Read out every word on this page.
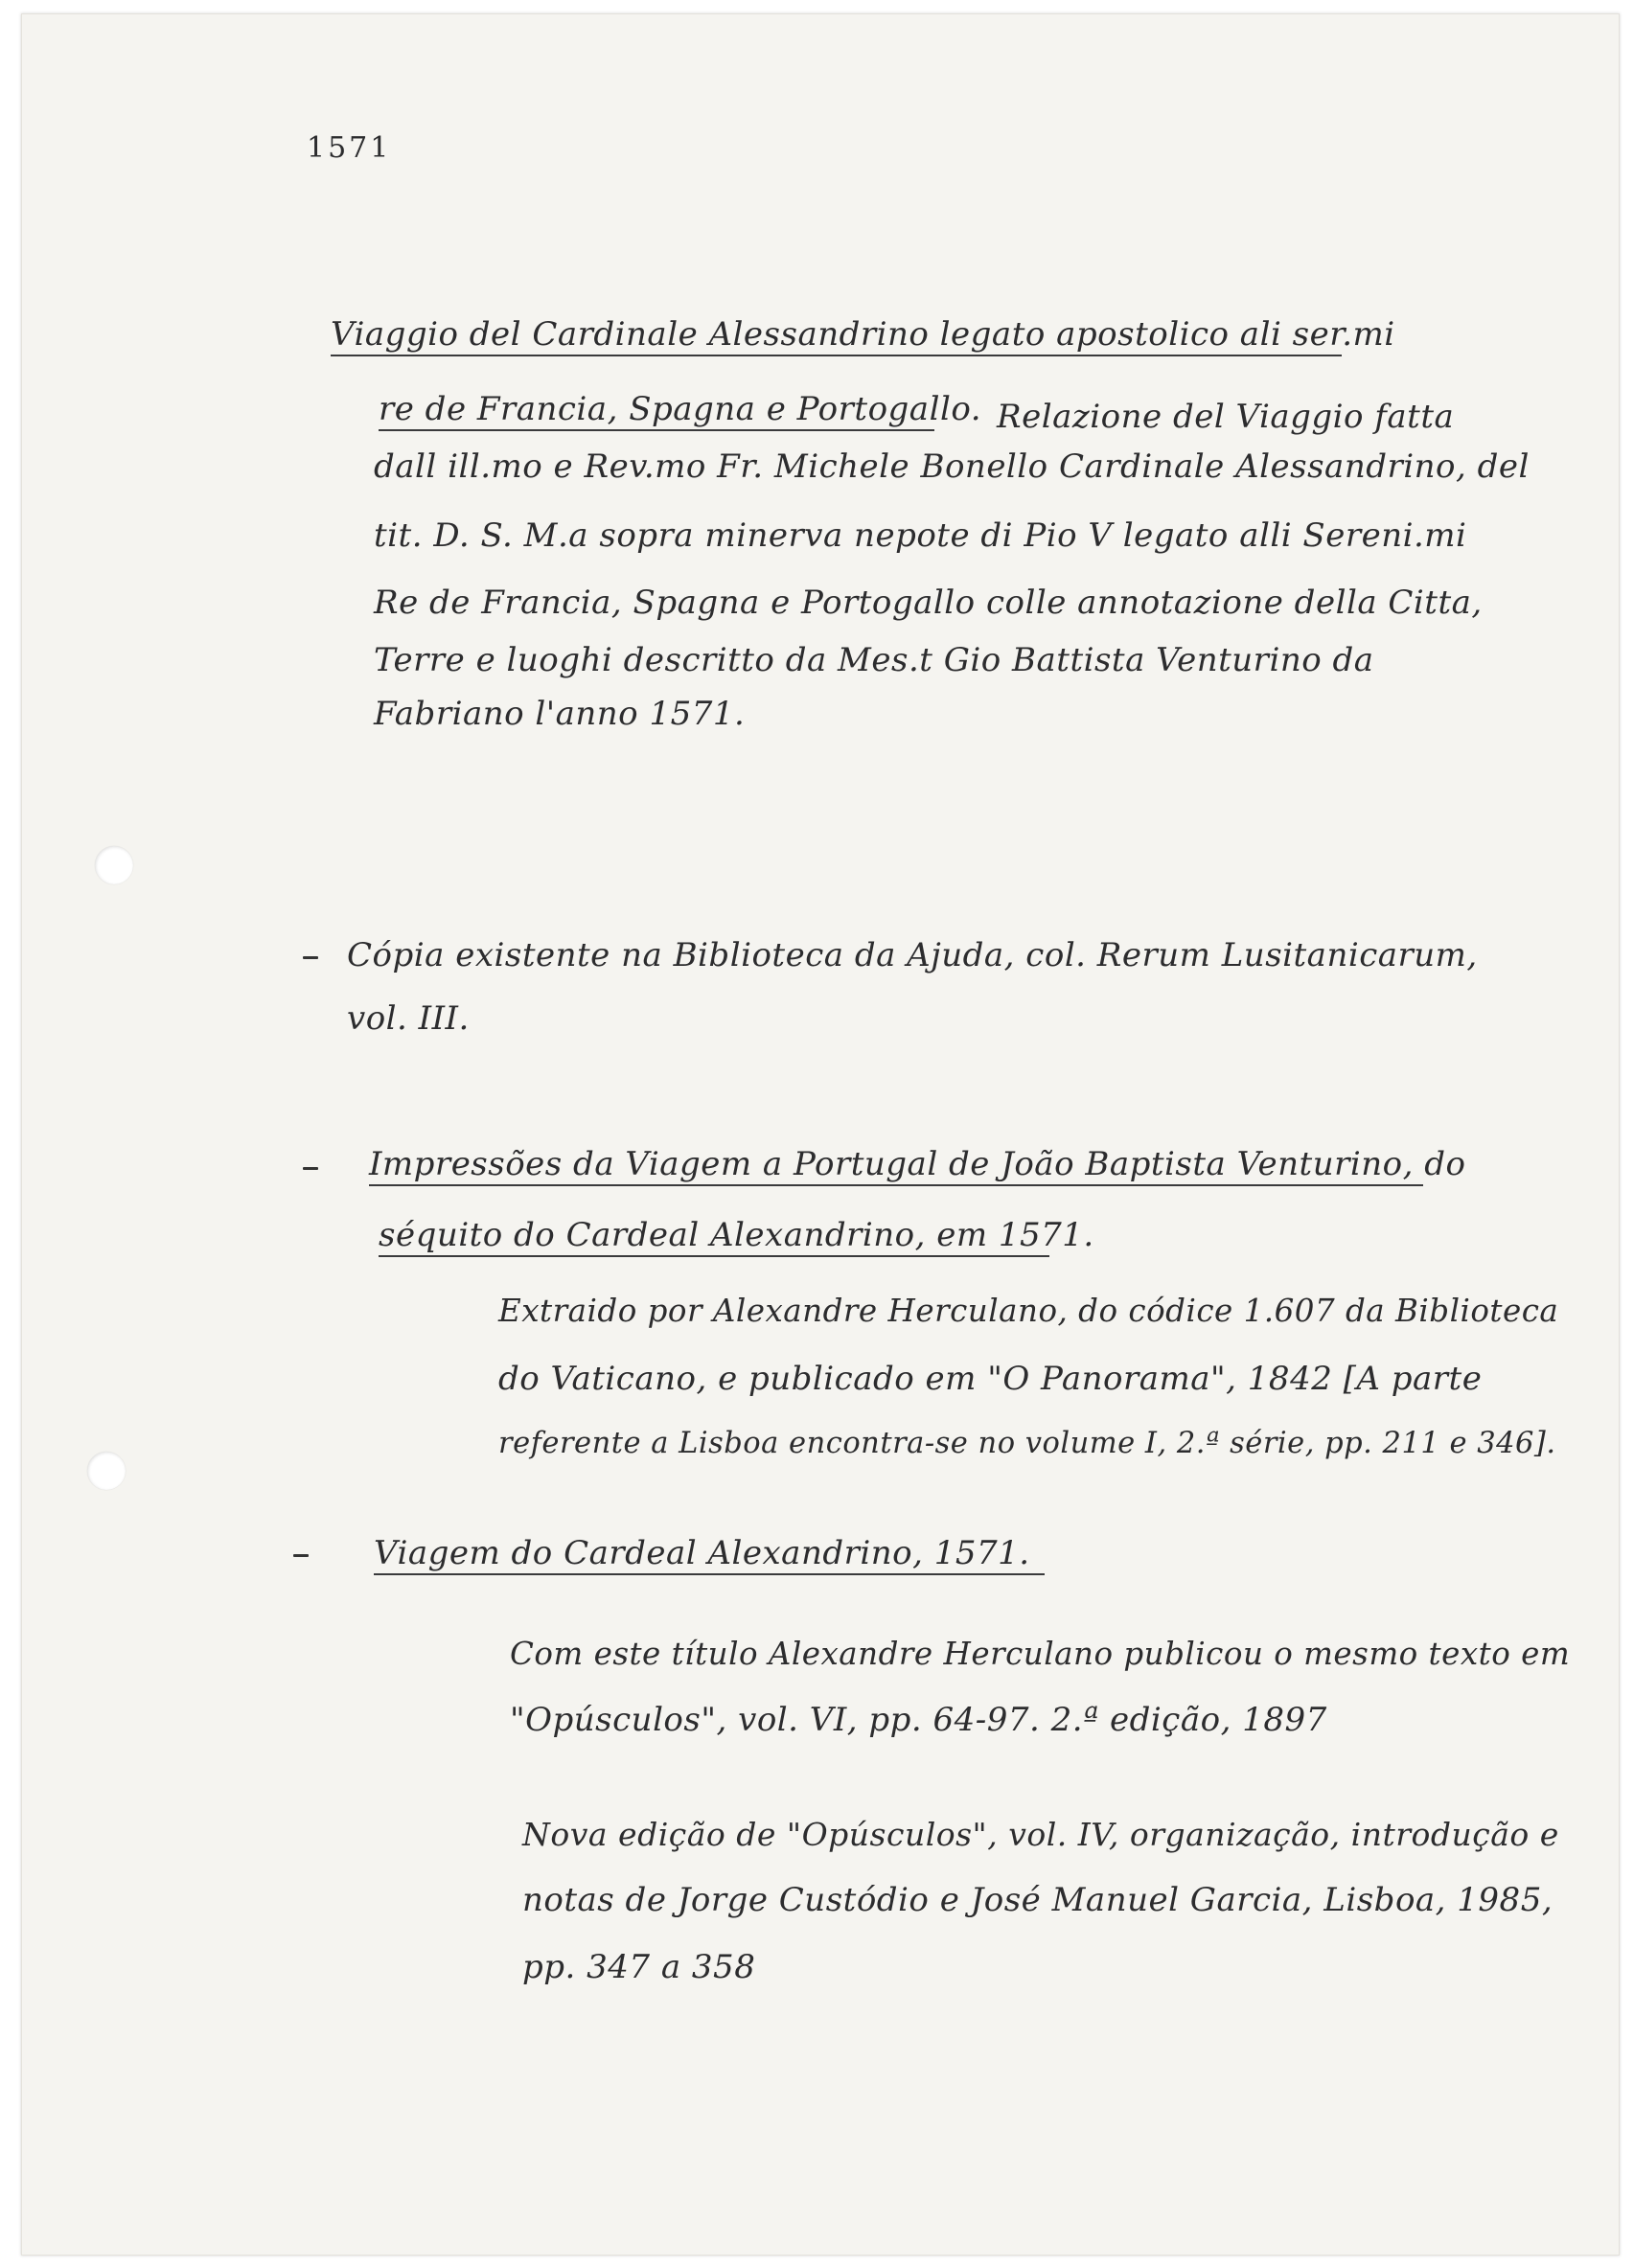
1571
Viaggio del Cardinale Alessandrino legato apostolico ali ser.mi
re de Francia, Spagna e Portogallo. Relazione del Viaggio fatta
dall ill.mo e Rev.mo Fr. Michele Bonello Cardinale Alessandrino, del
tit. D. S. M.a sopra minerva nepote di Pio V legato alli Sereni.mi
Re de Francia, Spagna e Portogallo colle annotazione della Citta,
Terre e luoghi descritto da Mes.t Gio Battista Venturino da
Fabriano l'anno 1571.
Cópia existente na Biblioteca da Ajuda, col. Rerum Lusitanicarum,
vol. III.
Impressões da Viagem a Portugal de João Baptista Venturino, do
séquito do Cardeal Alexandrino, em 1571.
Extraido por Alexandre Herculano, do códice 1.607 da Biblioteca
do Vaticano, e publicado em "O Panorama", 1842 [A parte
referente a Lisboa encontra-se no volume I, 2.ª série, pp. 211 e 346].
Viagem do Cardeal Alexandrino, 1571.
Com este título Alexandre Herculano publicou o mesmo texto em
"Opúsculos", vol. VI, pp. 64-97. 2.ª edição, 1897
Nova edição de "Opúsculos", vol. IV, organização, introdução e
notas de Jorge Custódio e José Manuel Garcia, Lisboa, 1985,
pp. 347 a 358
